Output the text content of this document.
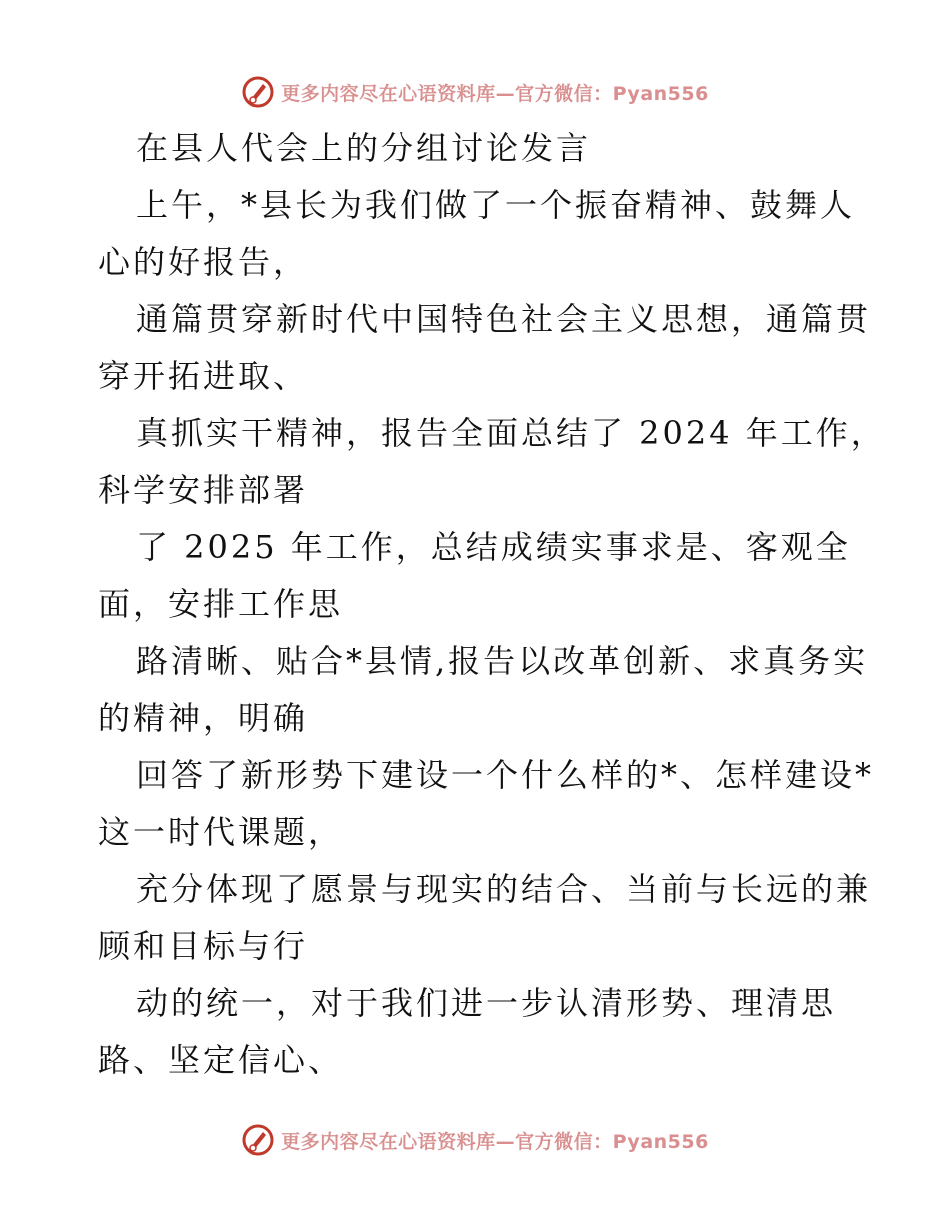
更多内容尽在心语资料库—官方微信：Pyan556
在县人代会上的分组讨论发言
上午，*县长为我们做了一个振奋精神、鼓舞人
心的好报告，
通篇贯穿新时代中国特色社会主义思想，通篇贯
穿开拓进取、
真抓实干精神，报告全面总结了 2024 年工作，
科学安排部署
了 2025 年工作，总结成绩实事求是、客观全
面，安排工作思
路清晰、贴合*县情,报告以改革创新、求真务实
的精神，明确
回答了新形势下建设一个什么样的*、怎样建设*
这一时代课题，
充分体现了愿景与现实的结合、当前与长远的兼
顾和目标与行
动的统一，对于我们进一步认清形势、理清思
路、坚定信心、
更多内容尽在心语资料库—官方微信：Pyan556
